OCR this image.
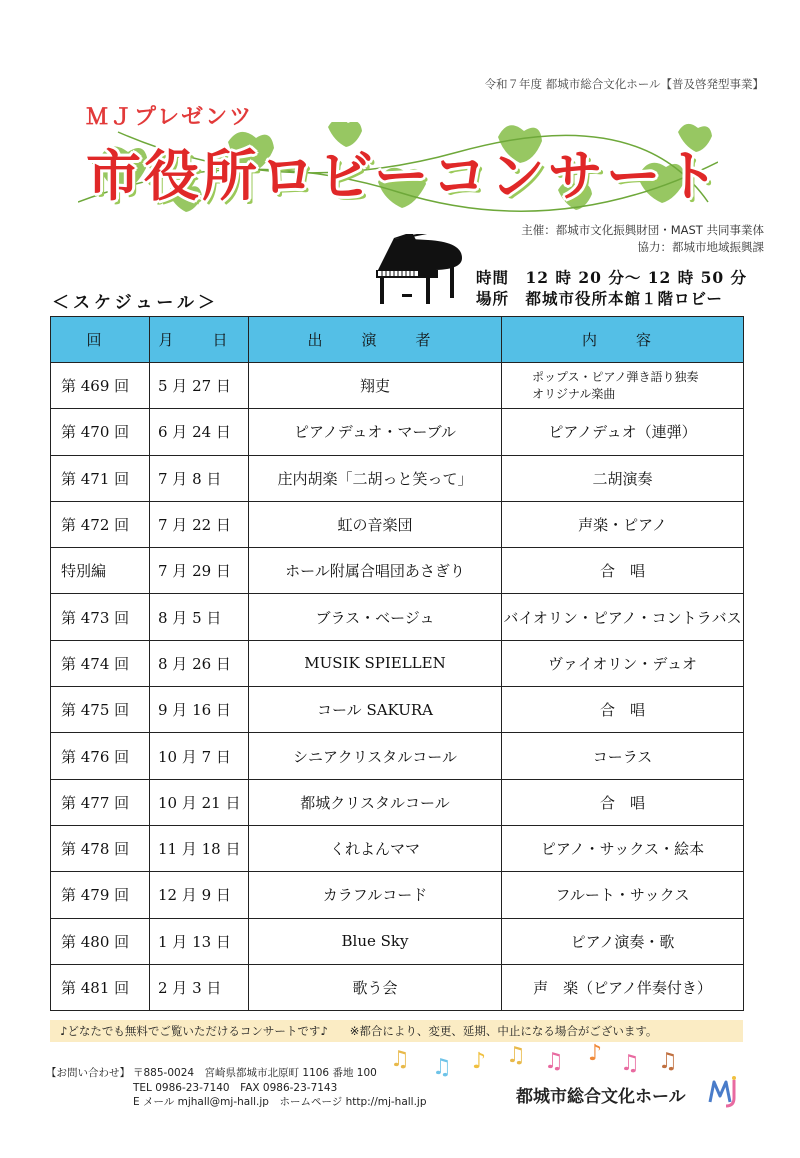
令和７年度 都城市総合文化ホール【普及啓発型事業】
ＭＪプレゼンツ
市役所ロビーコンサート
主催：都城市文化振興財団・MAST 共同事業体
協力：都城市地域振興課
時間　12 時 20 分～ 12 時 50 分
場所　都城市役所本館１階ロビー
＜スケジュール＞
回	月　日	出　演　者	内　容
第 469 回	5 月 27 日	翔吏	ポップス・ピアノ弾き語り独奏
オリジナル楽曲

第 470 回	6 月 24 日	ピアノデュオ・マーブル	ピアノデュオ（連弾）
第 471 回	7 月 8 日	庄内胡楽「二胡っと笑って」	二胡演奏
第 472 回	7 月 22 日	虹の音楽団	声楽・ピアノ
特別編	7 月 29 日	ホール附属合唱団あさぎり	合　唱
第 473 回	8 月 5 日	ブラス・ベージュ	バイオリン・ピアノ・コントラバス
第 474 回	8 月 26 日	MUSIK SPIELLEN	ヴァイオリン・デュオ
第 475 回	9 月 16 日	コール SAKURA	合　唱
第 476 回	10 月 7 日	シニアクリスタルコール	コーラス
第 477 回	10 月 21 日	都城クリスタルコール	合　唱
第 478 回	11 月 18 日	くれよんママ	ピアノ・サックス・絵本
第 479 回	12 月 9 日	カラフルコード	フルート・サックス
第 480 回	1 月 13 日	Blue Sky	ピアノ演奏・歌
第 481 回	2 月 3 日	歌う会	声　楽（ピアノ伴奏付き）
♪どなたでも無料でご覧いただけるコンサートです♪ ※都合により、変更、延期、中止になる場合がございます。
【お問い合わせ】 〒885-0024　宮崎県都城市北原町 1106 番地 100
TEL 0986-23-7140　FAX 0986-23-7143
E メール mjhall@mj-hall.jp　ホームページ http://mj-hall.jp
♫ ♫ ♪ ♫ ♫ ♪ ♫ ♫
都城市総合文化ホール
